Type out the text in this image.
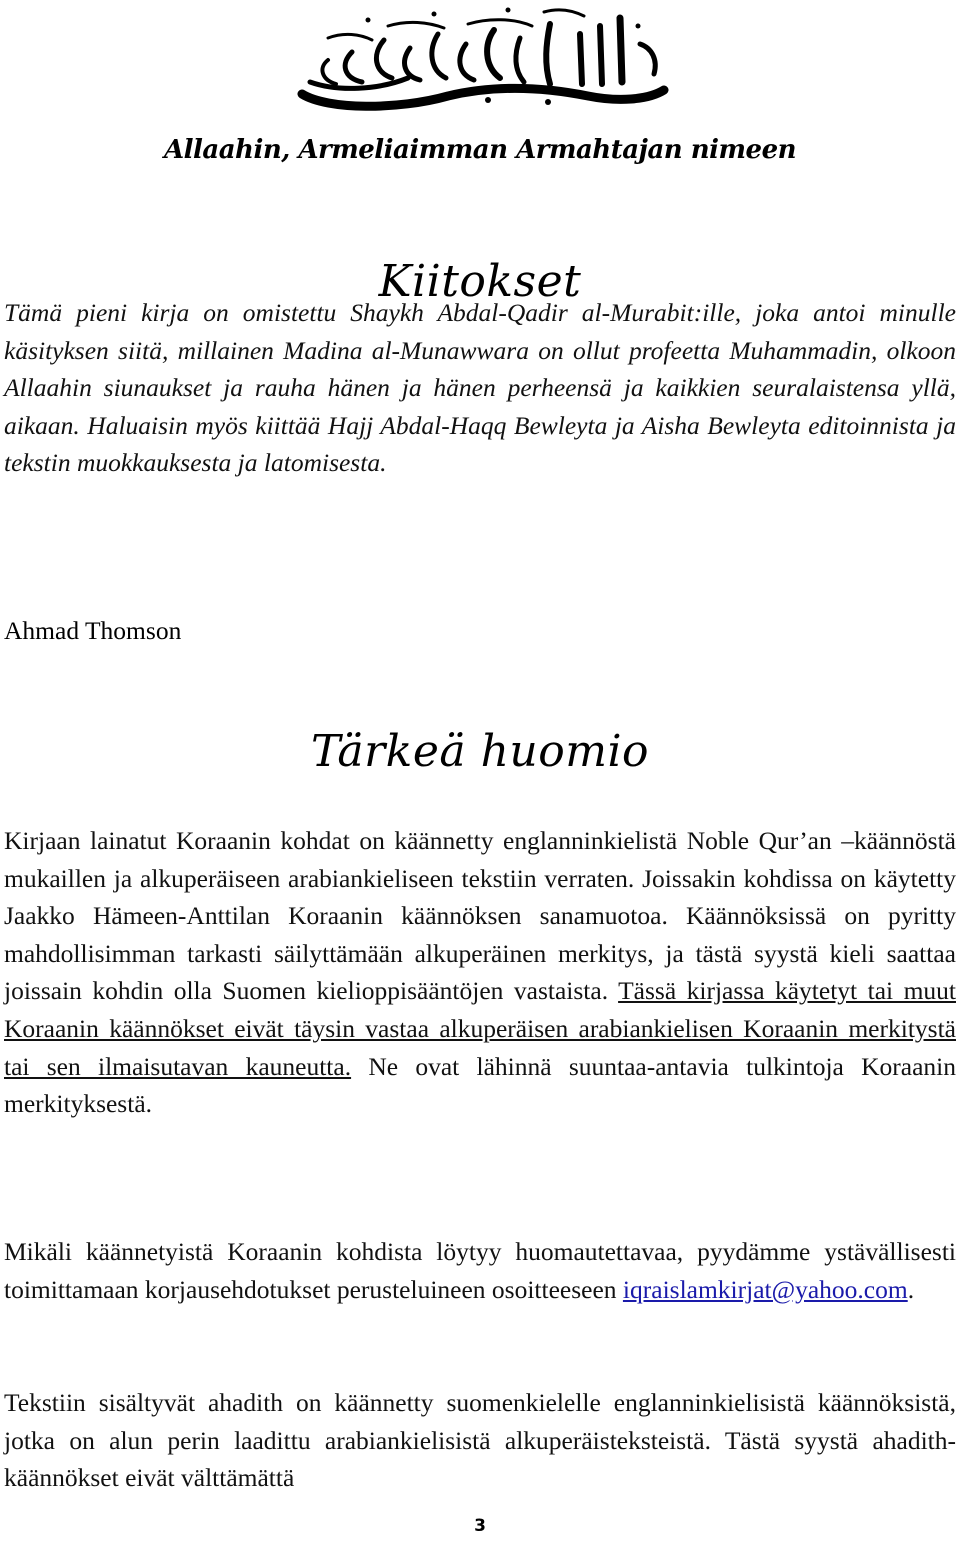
Allaahin, Armeliaimman Armahtajan nimeen
Kiitokset

Tämä pieni kirja on omistettu Shaykh Abdal-Qadir al-Murabit:ille, joka antoi minulle käsityksen siitä, millainen Madina al-Munawwara on ollut profeetta Muhammadin, olkoon Allaahin siunaukset ja rauha hänen ja hänen perheensä ja kaikkien seuralaistensa yllä, aikaan. Haluaisin myös kiittää Hajj Abdal-Haqq Bewleyta ja Aisha Bewleyta editoinnista ja tekstin muokkauksesta ja latomisesta.

Ahmad Thomson
Tärkeä huomio

Kirjaan lainatut Koraanin kohdat on käännetty englanninkielistä Noble Qur’an –käännöstä mukaillen ja alkuperäiseen arabiankieliseen tekstiin verraten. Joissakin kohdissa on käytetty Jaakko Hämeen-Anttilan Koraanin käännöksen sanamuotoa. Käännöksissä on pyritty mahdollisimman tarkasti säilyttämään alkuperäinen merkitys, ja tästä syystä kieli saattaa joissain kohdin olla Suomen kielioppisääntöjen vastaista. Tässä kirjassa käytetyt tai muut Koraanin käännökset eivät täysin vastaa alkuperäisen arabiankielisen Koraanin merkitystä tai sen ilmaisutavan kauneutta. Ne ovat lähinnä suuntaa-antavia tulkintoja Koraanin merkityksestä.

Mikäli käännetyistä Koraanin kohdista löytyy huomautettavaa, pyydämme ystävällisesti toimittamaan korjausehdotukset perusteluineen osoitteeseen iqraislamkirjat@yahoo.com.

Tekstiin sisältyvät ahadith on käännetty suomenkielelle englanninkielisistä käännöksistä, jotka on alun perin laadittu arabiankielisistä alkuperäisteksteistä. Tästä syystä ahadith-käännökset eivät välttämättä

3
